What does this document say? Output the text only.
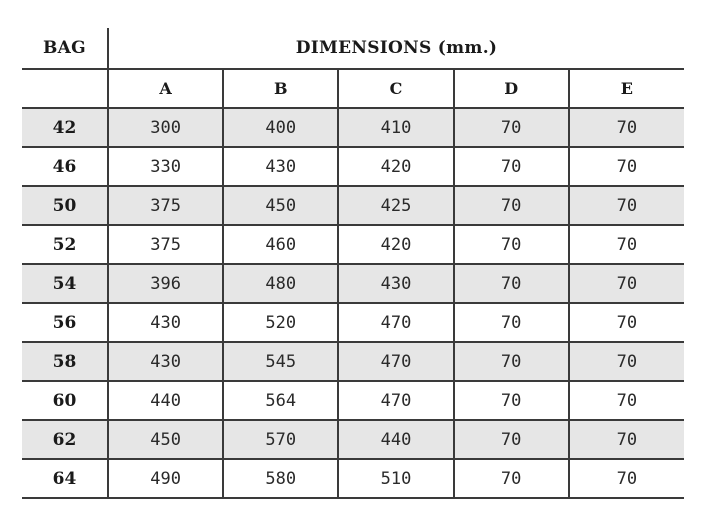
BAG	DIMENSIONS (mm.)				
	A	B	C	D	E
42	300	400	410	70	70
46	330	430	420	70	70
50	375	450	425	70	70
52	375	460	420	70	70
54	396	480	430	70	70
56	430	520	470	70	70
58	430	545	470	70	70
60	440	564	470	70	70
62	450	570	440	70	70
64	490	580	510	70	70
